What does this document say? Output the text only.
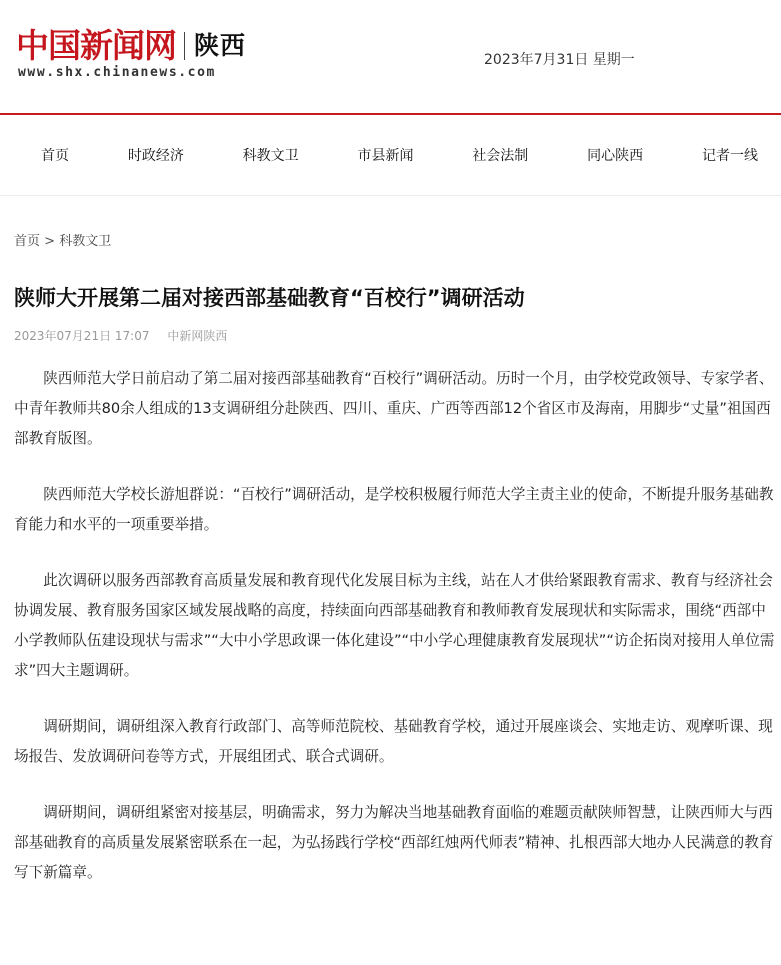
中国新闻网 陕西
www.shx.chinanews.com
2023年7月31日 星期一
首页	时政经济	科教文卫	市县新闻	社会法制	同心陕西	记者一线
首页 > 科教文卫
陕师大开展第二届对接西部基础教育“百校行”调研活动
2023年07月21日 17:07 中新网陕西

陕西师范大学日前启动了第二届对接西部基础教育“百校行”调研活动。历时一个月，由学校党政领导、专家学者、中青年教师共80余人组成的13支调研组分赴陕西、四川、重庆、广西等西部12个省区市及海南，用脚步“丈量”祖国西部教育版图。

陕西师范大学校长游旭群说：“百校行”调研活动，是学校积极履行师范大学主责主业的使命，不断提升服务基础教育能力和水平的一项重要举措。

此次调研以服务西部教育高质量发展和教育现代化发展目标为主线，站在人才供给紧跟教育需求、教育与经济社会协调发展、教育服务国家区域发展战略的高度，持续面向西部基础教育和教师教育发展现状和实际需求，围绕“西部中小学教师队伍建设现状与需求”“大中小学思政课一体化建设”“中小学心理健康教育发展现状”“访企拓岗对接用人单位需求”四大主题调研。

调研期间，调研组深入教育行政部门、高等师范院校、基础教育学校，通过开展座谈会、实地走访、观摩听课、现场报告、发放调研问卷等方式，开展组团式、联合式调研。

调研期间，调研组紧密对接基层，明确需求，努力为解决当地基础教育面临的难题贡献陕师智慧，让陕西师大与西部基础教育的高质量发展紧密联系在一起，为弘扬践行学校“西部红烛两代师表”精神、扎根西部大地办人民满意的教育写下新篇章。
